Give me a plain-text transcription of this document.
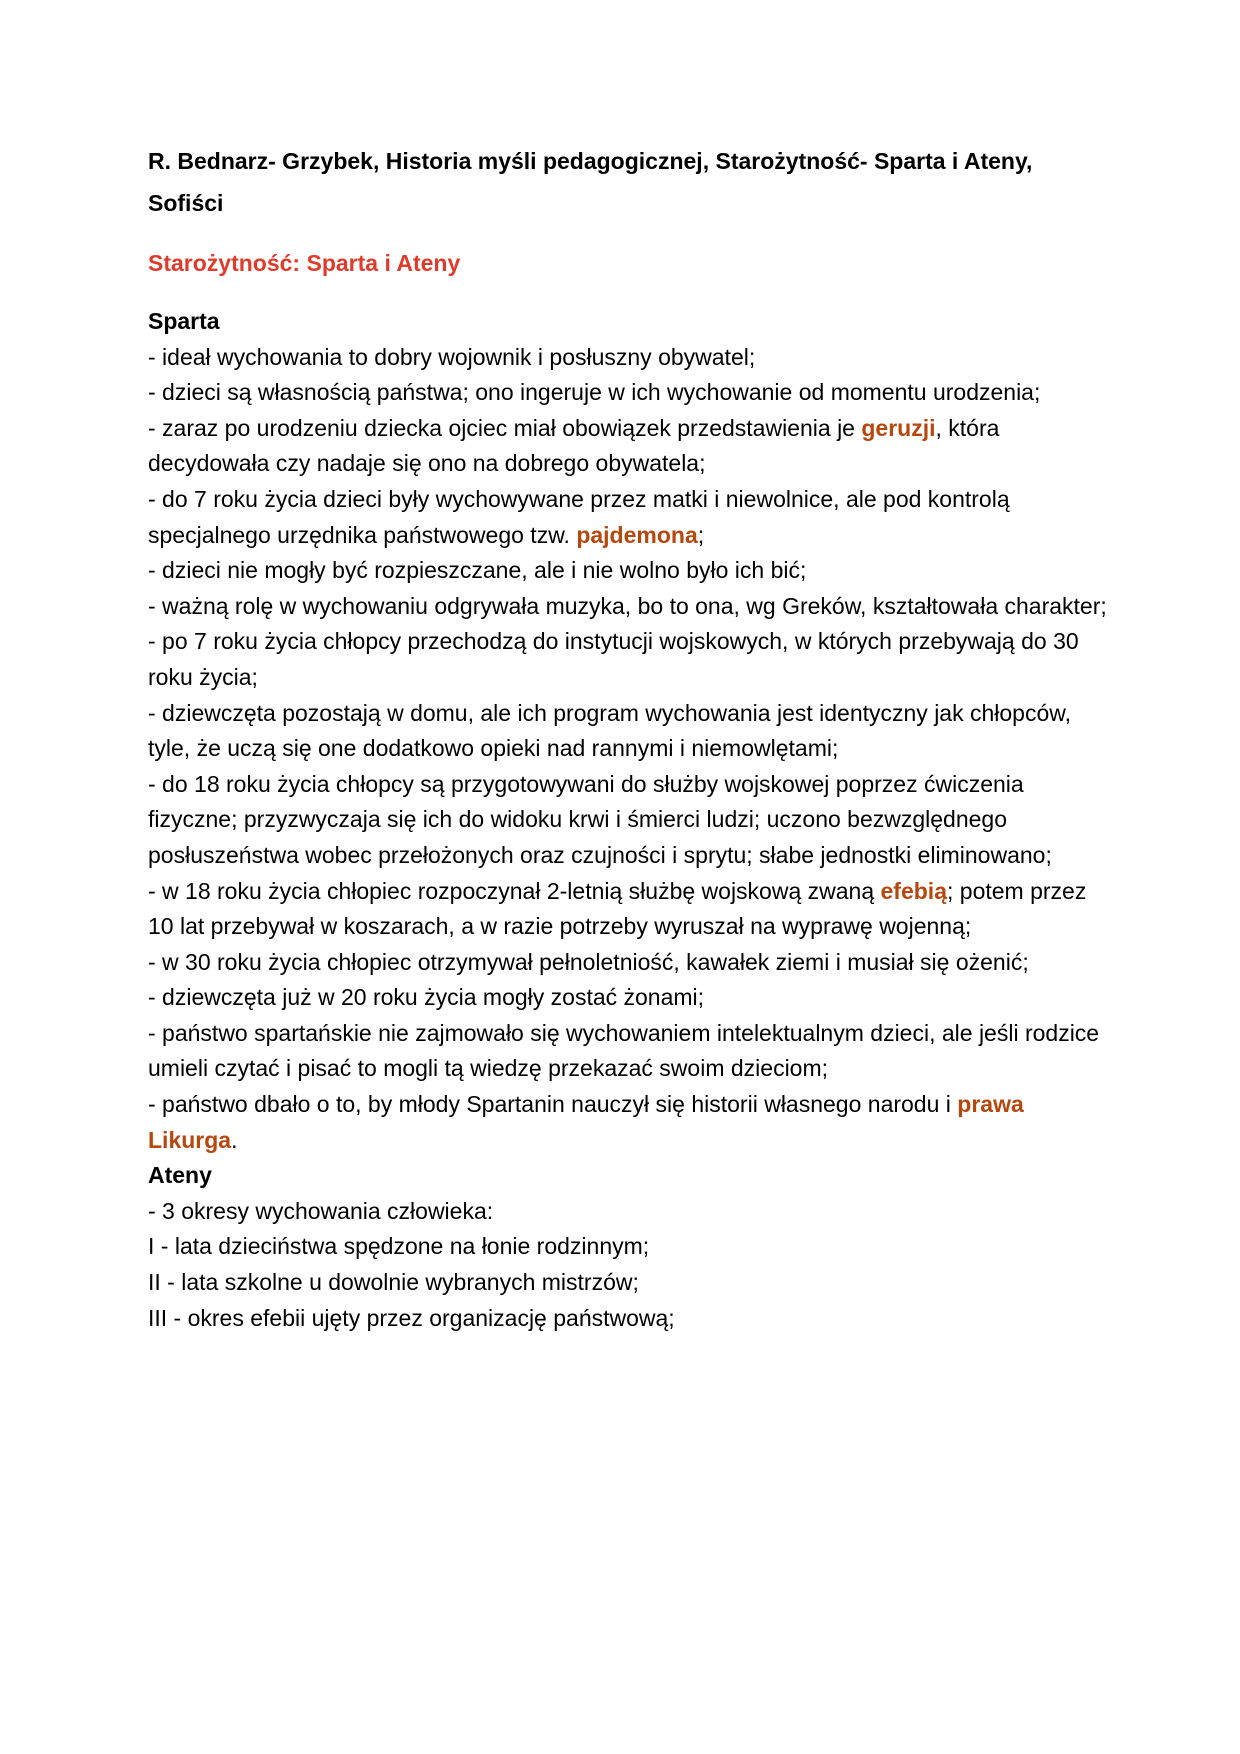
R. Bednarz- Grzybek, Historia myśli pedagogicznej, Starożytność- Sparta i Ateny, Sofiści
Starożytność: Sparta i Ateny
Sparta

- ideał wychowania to dobry wojownik i posłuszny obywatel;

- dzieci są własnością państwa; ono ingeruje w ich wychowanie od momentu urodzenia;

- zaraz po urodzeniu dziecka ojciec miał obowiązek przedstawienia je geruzji, która decydowała czy nadaje się ono na dobrego obywatela;

- do 7 roku życia dzieci były wychowywane przez matki i niewolnice, ale pod kontrolą specjalnego urzędnika państwowego tzw. pajdemona;

- dzieci nie mogły być rozpieszczane, ale i nie wolno było ich bić;

- ważną rolę w wychowaniu odgrywała muzyka, bo to ona, wg Greków, kształtowała charakter;

- po 7 roku życia chłopcy przechodzą do instytucji wojskowych, w których przebywają do 30 roku życia;

- dziewczęta pozostają w domu, ale ich program wychowania jest identyczny jak chłopców, tyle, że uczą się one dodatkowo opieki nad rannymi i niemowlętami;

- do 18 roku życia chłopcy są przygotowywani do służby wojskowej poprzez ćwiczenia fizyczne; przyzwyczaja się ich do widoku krwi i śmierci ludzi; uczono bezwzględnego posłuszeństwa wobec przełożonych oraz czujności i sprytu; słabe jednostki eliminowano;

- w 18 roku życia chłopiec rozpoczynał 2-letnią służbę wojskową zwaną efebią; potem przez 10 lat przebywał w koszarach, a w razie potrzeby wyruszał na wyprawę wojenną;

- w 30 roku życia chłopiec otrzymywał pełnoletniość, kawałek ziemi i musiał się ożenić;

- dziewczęta już w 20 roku życia mogły zostać żonami;

- państwo spartańskie nie zajmowało się wychowaniem intelektualnym dzieci, ale jeśli rodzice umieli czytać i pisać to mogli tą wiedzę przekazać swoim dzieciom;

- państwo dbało o to, by młody Spartanin nauczył się historii własnego narodu i prawa Likurga.

Ateny

- 3 okresy wychowania człowieka:

I - lata dzieciństwa spędzone na łonie rodzinnym;

II - lata szkolne u dowolnie wybranych mistrzów;

III - okres efebii ujęty przez organizację państwową;
